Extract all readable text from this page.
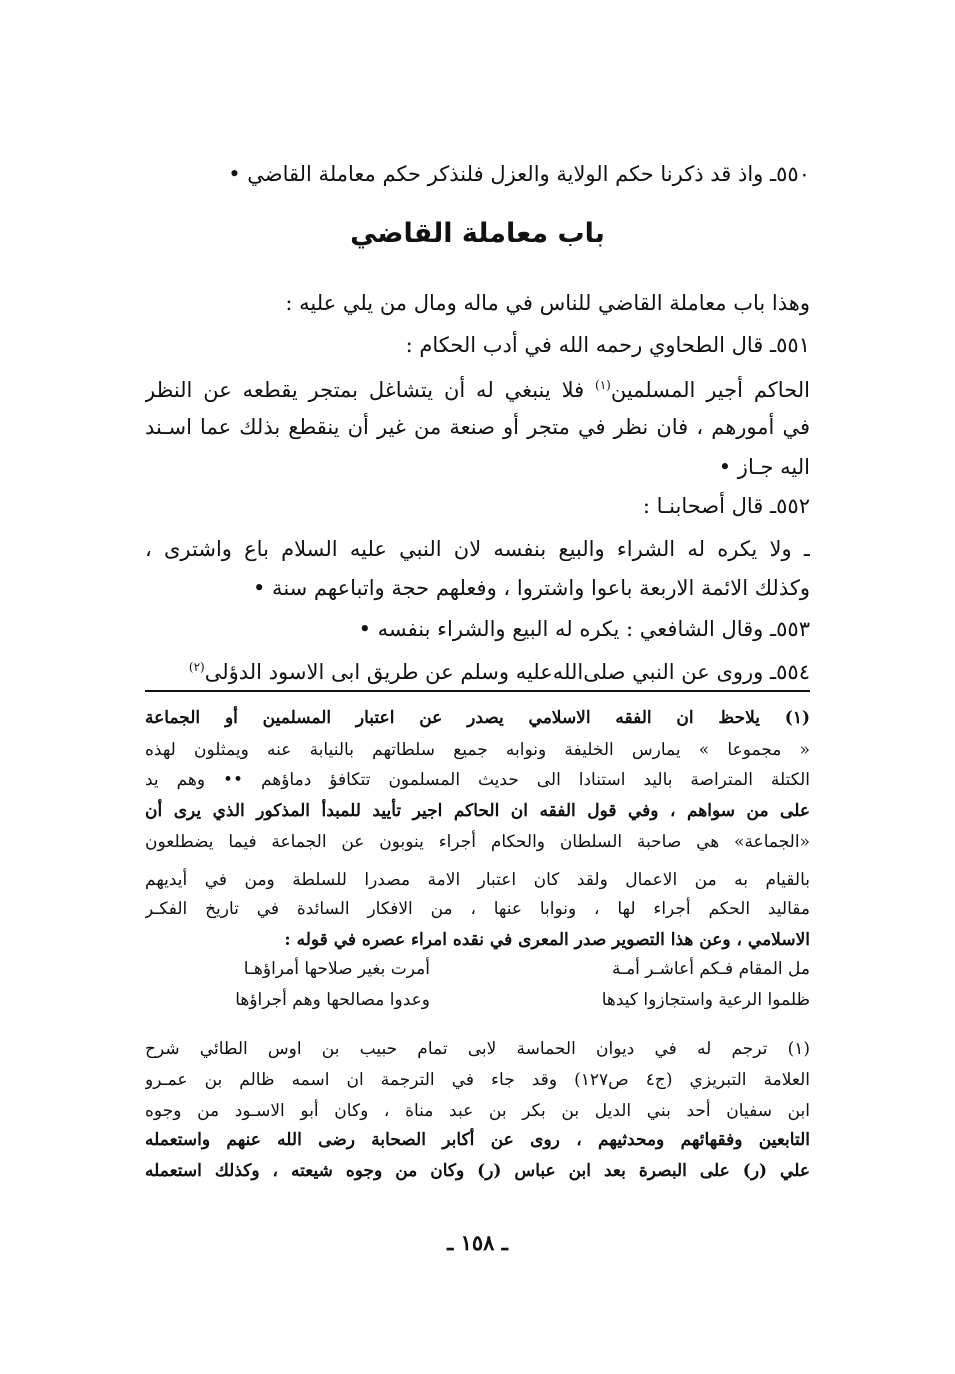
٥٥٠ـ واذ قد ذكرنا حكم الولاية والعزل فلنذكر حكم معاملة القاضي •
باب معاملة القاضي
وهذا باب معاملة القاضي للناس في ماله ومال من يلي عليه :
٥٥١ـ قال الطحاوي رحمه الله في أدب الحكام :
الحاكم أجير المسلمين$^{(١)}$ فلا ينبغي له أن يتشاغل بمتجر يقطعه عن النظر
في أمورهم ، فان نظر في متجر أو صنعة من غير أن ينقطع بذلك عما اسـند
اليه جـاز •
٥٥٢ـ قال أصحابنـا :
ـ ولا يكره له الشراء والبيع بنفسه لان النبي عليه السلام باع واشترى ،
وكذلك الائمة الاربعة باعوا واشتروا ، وفعلهم حجة واتباعهم سنة •
٥٥٣ـ وقال الشافعي : يكره له البيع والشراء بنفسه •
٥٥٤ـ وروى عن النبي صلى‌الله‌عليه وسلم عن طريق ابى الاسود الدؤلى$^{(٢)}$
(١) يلاحظ ان الفقه الاسلامي يصدر عن اعتبار المسلمين أو الجماعة
« مجموعا » يمارس الخليفة ونوابه جميع سلطاتهم بالنيابة عنه ويمثلون لهذه
الكتلة المتراصة باليد استنادا الى حديث المسلمون تتكافؤ دماؤهم •• وهم يد
على من سواهم ، وفي قول الفقه ان الحاكم اجير تأييد للمبدأ المذكور الذي يرى أن
«الجماعة» هي صاحبة السلطان والحكام أجراء ينوبون عن الجماعة فيما يضطلعون
بالقيام به من الاعمال ولقد كان اعتبار الامة مصدرا للسلطة ومن في أيديهم
مقاليد الحكم أجراء لها ، ونوابا عنها ، من الافكار السائدة في تاريخ الفكـر
الاسلامي ، وعن هذا التصوير صدر المعرى في نقده امراء عصره في قوله :
مل المقام فـكم أعاشـر أمـة
أمرت بغير صلاحها أمراؤهـا
ظلموا الرعية واستجازوا كيدها
وعدوا مصالحها وهم أجراؤها
(١) ترجم له في ديوان الحماسة لابى تمام حبيب بن اوس الطائي شرح
العلامة التبريزي (ج٤ ص١٢٧) وقد جاء في الترجمة ان اسمه ظالم بن عمـرو
ابن سفيان أحد بني الديل بن بكر بن عبد مناة ، وكان أبو الاسـود من وجوه
التابعين وفقهائهم ومحدثيهم ، روى عن أكابر الصحابة رضى الله عنهم واستعمله
علي (ر) على البصرة بعد ابن عباس (ر) وكان من وجوه شيعته ، وكذلك استعمله
ـ ١٥٨ ـ
